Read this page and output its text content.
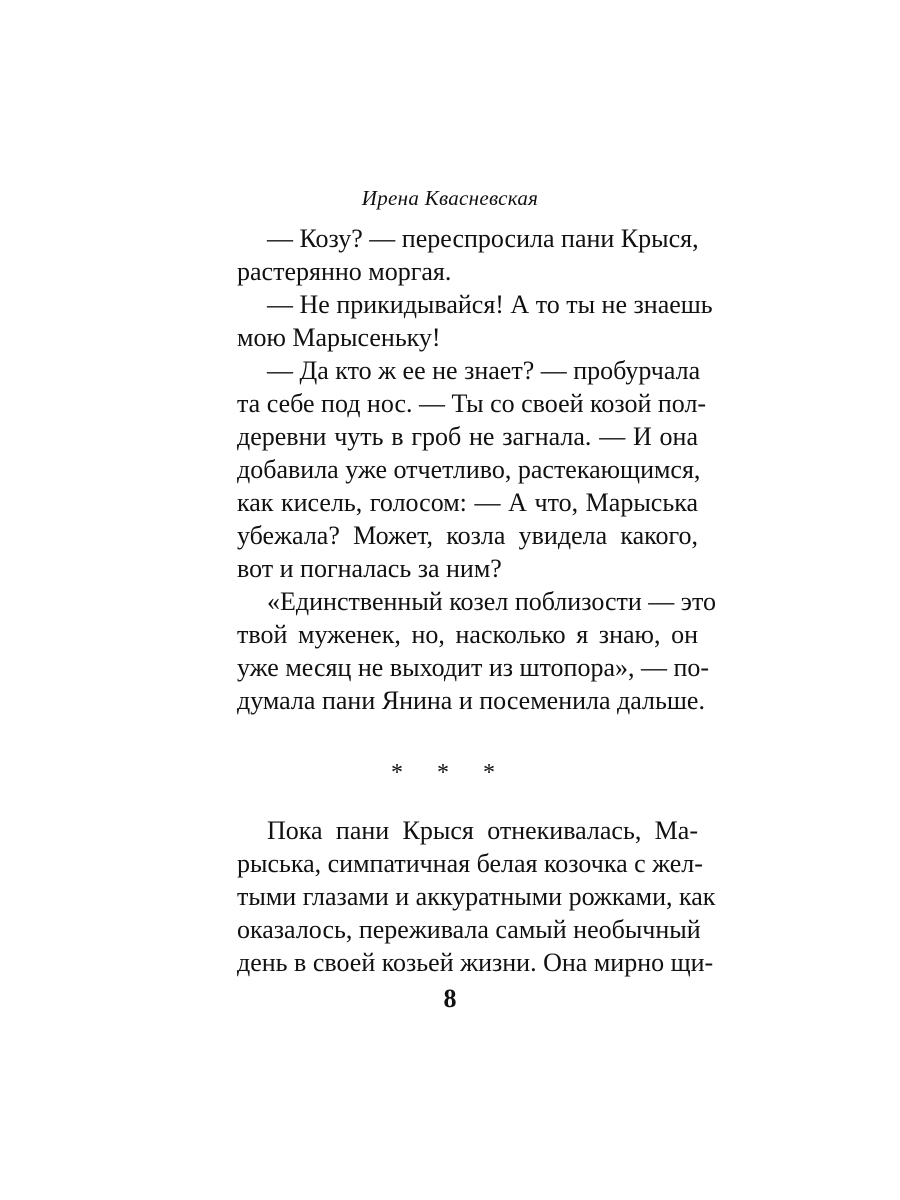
Ирена Квасневская
— Козу? — переспросила пани Крыся,
растерянно моргая.
— Не прикидывайся! А то ты не знаешь
мою Марысеньку!
— Да кто ж ее не знает? — пробурчала
та себе под нос. — Ты со своей козой пол-
деревни чуть в гроб не загнала. — И она
добавила уже отчетливо, растекающимся,
как кисель, голосом: — А что, Марыська
убежала? Может, козла увидела какого,
вот и погналась за ним?
«Единственный козел поблизости — это
твой муженек, но, насколько я знаю, он
уже месяц не выходит из штопора», — по-
думала пани Янина и посеменила дальше.
* * *
Пока пани Крыся отнекивалась, Ма-
рыська, симпатичная белая козочка с жел-
тыми глазами и аккуратными рожками, как
оказалось, переживала самый необычный
день в своей козьей жизни. Она мирно щи-
8
